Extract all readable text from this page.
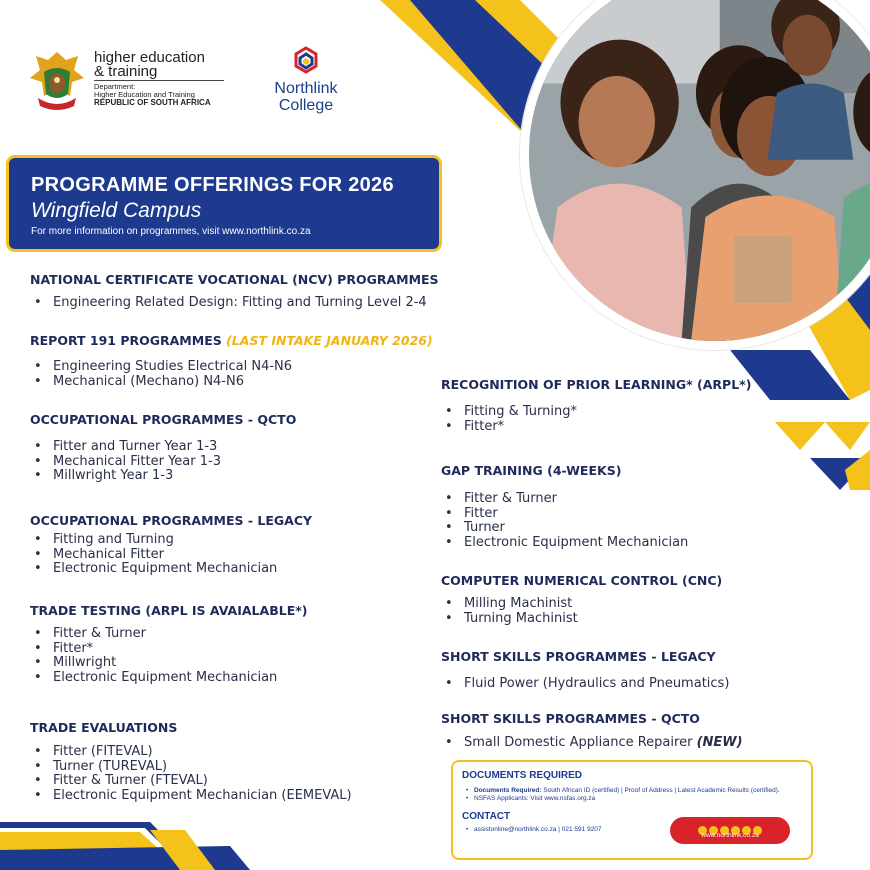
higher education
& training
Department:
Higher Education and Training
REPUBLIC OF SOUTH AFRICA
Northlink
College
PROGRAMME OFFERINGS FOR 2026
Wingfield Campus
For more information on programmes, visit www.northlink.co.za
NATIONAL CERTIFICATE VOCATIONAL (NCV) PROGRAMMES
• Engineering Related Design: Fitting and Turning Level 2-4
REPORT 191 PROGRAMMES (LAST INTAKE JANUARY 2026)
• Engineering Studies Electrical N4-N6
• Mechanical (Mechano) N4-N6
OCCUPATIONAL PROGRAMMES - QCTO
• Fitter and Turner Year 1-3
• Mechanical Fitter Year 1-3
• Millwright Year 1-3
OCCUPATIONAL PROGRAMMES - LEGACY
• Fitting and Turning
• Mechanical Fitter
• Electronic Equipment Mechanician
TRADE TESTING (ARPL IS AVAIALABLE*)
• Fitter & Turner
• Fitter*
• Millwright
• Electronic Equipment Mechanician
TRADE EVALUATIONS
• Fitter (FITEVAL)
• Turner (TUREVAL)
• Fitter & Turner (FTEVAL)
• Electronic Equipment Mechanician (EEMEVAL)
RECOGNITION OF PRIOR LEARNING* (ARPL*)
• Fitting & Turning*
• Fitter*
GAP TRAINING (4-WEEKS)
• Fitter & Turner
• Fitter
• Turner
• Electronic Equipment Mechanician
COMPUTER NUMERICAL CONTROL (CNC)
• Milling Machinist
• Turning Machinist
SHORT SKILLS PROGRAMMES - LEGACY
• Fluid Power (Hydraulics and Pneumatics)
SHORT SKILLS PROGRAMMES - QCTO
• Small Domestic Appliance Repairer (NEW)
DOCUMENTS REQUIRED
• Documents Required: South African ID (certified) | Proof of Address | Latest Academic Results (certified).
• NSFAS Applicants: Visit www.nsfas.org.za
CONTACT
• assistonline@northlink.co.za | 021 591 9207
www.northlink.co.za
